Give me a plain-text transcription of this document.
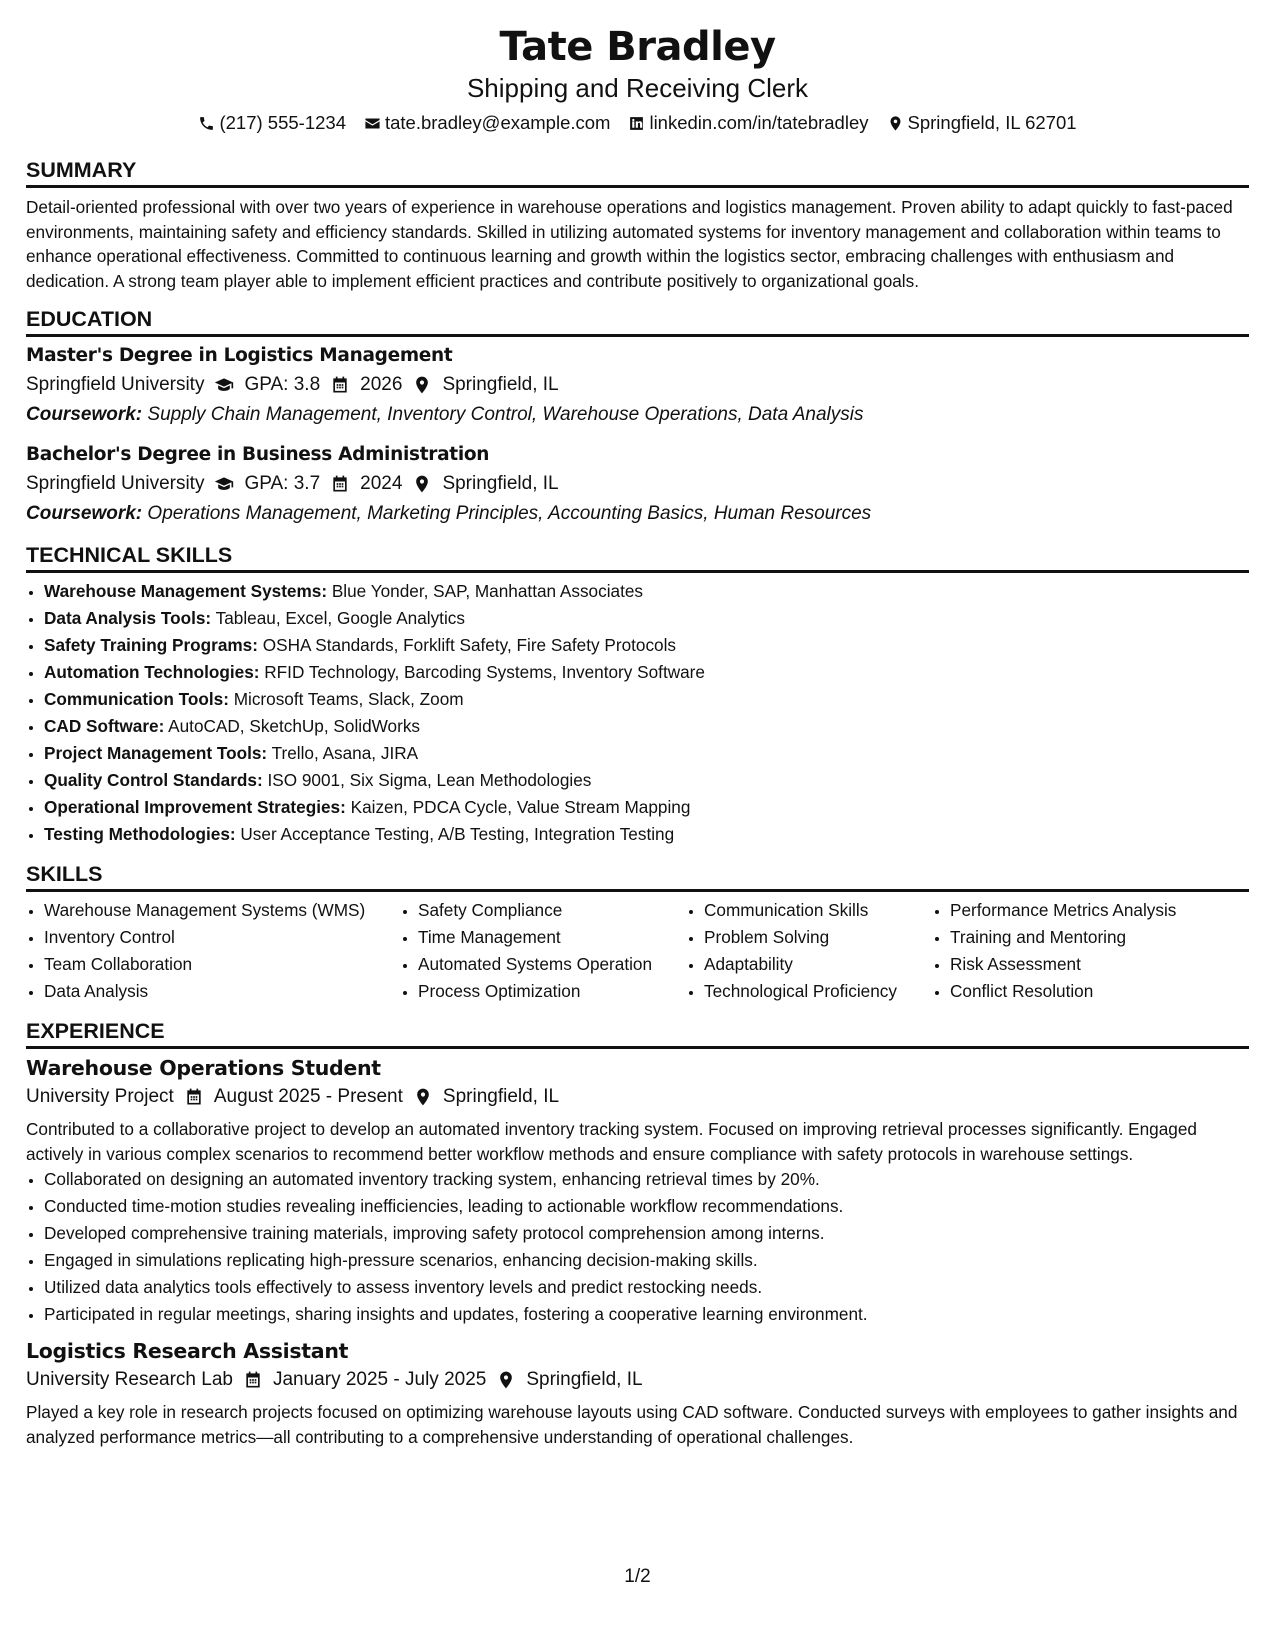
Tate Bradley
Shipping and Receiving Clerk
(217) 555-1234 tate.bradley@example.com linkedin.com/in/tatebradley Springfield, IL 62701
SUMMARY
Detail-oriented professional with over two years of experience in warehouse operations and logistics management. Proven ability to adapt quickly to fast-paced environments, maintaining safety and efficiency standards. Skilled in utilizing automated systems for inventory management and collaboration within teams to enhance operational effectiveness. Committed to continuous learning and growth within the logistics sector, embracing challenges with enthusiasm and dedication. A strong team player able to implement efficient practices and contribute positively to organizational goals.
EDUCATION
Master's Degree in Logistics Management
Springfield University GPA: 3.8 2026 Springfield, IL
Coursework: Supply Chain Management, Inventory Control, Warehouse Operations, Data Analysis
Bachelor's Degree in Business Administration
Springfield University GPA: 3.7 2024 Springfield, IL
Coursework: Operations Management, Marketing Principles, Accounting Basics, Human Resources
TECHNICAL SKILLS
• Warehouse Management Systems: Blue Yonder, SAP, Manhattan Associates
• Data Analysis Tools: Tableau, Excel, Google Analytics
• Safety Training Programs: OSHA Standards, Forklift Safety, Fire Safety Protocols
• Automation Technologies: RFID Technology, Barcoding Systems, Inventory Software
• Communication Tools: Microsoft Teams, Slack, Zoom
• CAD Software: AutoCAD, SketchUp, SolidWorks
• Project Management Tools: Trello, Asana, JIRA
• Quality Control Standards: ISO 9001, Six Sigma, Lean Methodologies
• Operational Improvement Strategies: Kaizen, PDCA Cycle, Value Stream Mapping
• Testing Methodologies: User Acceptance Testing, A/B Testing, Integration Testing
SKILLS
• Warehouse Management Systems (WMS)
• Inventory Control
• Team Collaboration
• Data Analysis
• Safety Compliance
• Time Management
• Automated Systems Operation
• Process Optimization
• Communication Skills
• Problem Solving
• Adaptability
• Technological Proficiency
• Performance Metrics Analysis
• Training and Mentoring
• Risk Assessment
• Conflict Resolution
EXPERIENCE
Warehouse Operations Student
University Project August 2025 - Present Springfield, IL
Contributed to a collaborative project to develop an automated inventory tracking system. Focused on improving retrieval processes significantly. Engaged actively in various complex scenarios to recommend better workflow methods and ensure compliance with safety protocols in warehouse settings.
• Collaborated on designing an automated inventory tracking system, enhancing retrieval times by 20%.
• Conducted time-motion studies revealing inefficiencies, leading to actionable workflow recommendations.
• Developed comprehensive training materials, improving safety protocol comprehension among interns.
• Engaged in simulations replicating high-pressure scenarios, enhancing decision-making skills.
• Utilized data analytics tools effectively to assess inventory levels and predict restocking needs.
• Participated in regular meetings, sharing insights and updates, fostering a cooperative learning environment.
Logistics Research Assistant
University Research Lab January 2025 - July 2025 Springfield, IL
Played a key role in research projects focused on optimizing warehouse layouts using CAD software. Conducted surveys with employees to gather insights and analyzed performance metrics—all contributing to a comprehensive understanding of operational challenges.
1/2
